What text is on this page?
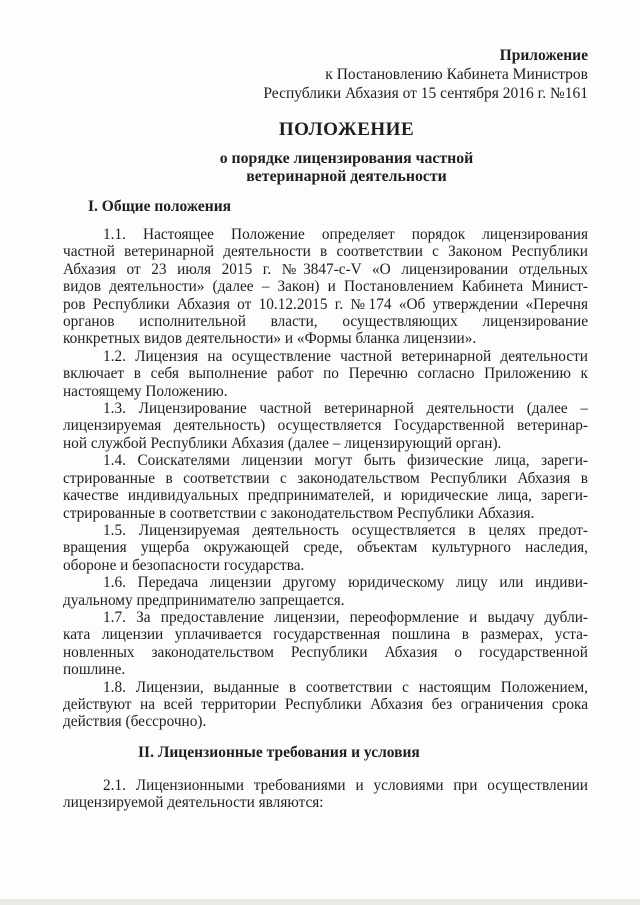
Приложение
к Постановлению Кабинета Министров
Республики Абхазия от 15 сентября 2016 г. №161
ПОЛОЖЕНИЕ
о порядке лицензирования частной
ветеринарной деятельности
I. Общие положения
1.1. Настоящее Положение определяет порядок лицензирования
частной ветеринарной деятельности в соответствии с Законом Республики
Абхазия от 23 июля 2015 г. №3847-с-V «О лицензировании отдельных
видов деятельности» (далее – Закон) и Постановлением Кабинета Минист-
ров Республики Абхазия от 10.12.2015 г. №174 «Об утверждении «Перечня
органов исполнительной власти, осуществляющих лицензирование
конкретных видов деятельности» и «Формы бланка лицензии».
1.2. Лицензия на осуществление частной ветеринарной деятельности
включает в себя выполнение работ по Перечню согласно Приложению к
настоящему Положению.
1.3. Лицензирование частной ветеринарной деятельности (далее –
лицензируемая деятельность) осуществляется Государственной ветеринар-
ной службой Республики Абхазия (далее – лицензирующий орган).
1.4. Соискателями лицензии могут быть физические лица, зареги-
стрированные в соответствии с законодательством Республики Абхазия в
качестве индивидуальных предпринимателей, и юридические лица, зареги-
стрированные в соответствии с законодательством Республики Абхазия.
1.5. Лицензируемая деятельность осуществляется в целях предот-
вращения ущерба окружающей среде, объектам культурного наследия,
обороне и безопасности государства.
1.6. Передача лицензии другому юридическому лицу или индиви-
дуальному предпринимателю запрещается.
1.7. За предоставление лицензии, переоформление и выдачу дубли-
ката лицензии уплачивается государственная пошлина в размерах, уста-
новленных законодательством Республики Абхазия о государственной
пошлине.
1.8. Лицензии, выданные в соответствии с настоящим Положением,
действуют на всей территории Республики Абхазия без ограничения срока
действия (бессрочно).
II. Лицензионные требования и условия
2.1. Лицензионными требованиями и условиями при осуществлении
лицензируемой деятельности являются:
